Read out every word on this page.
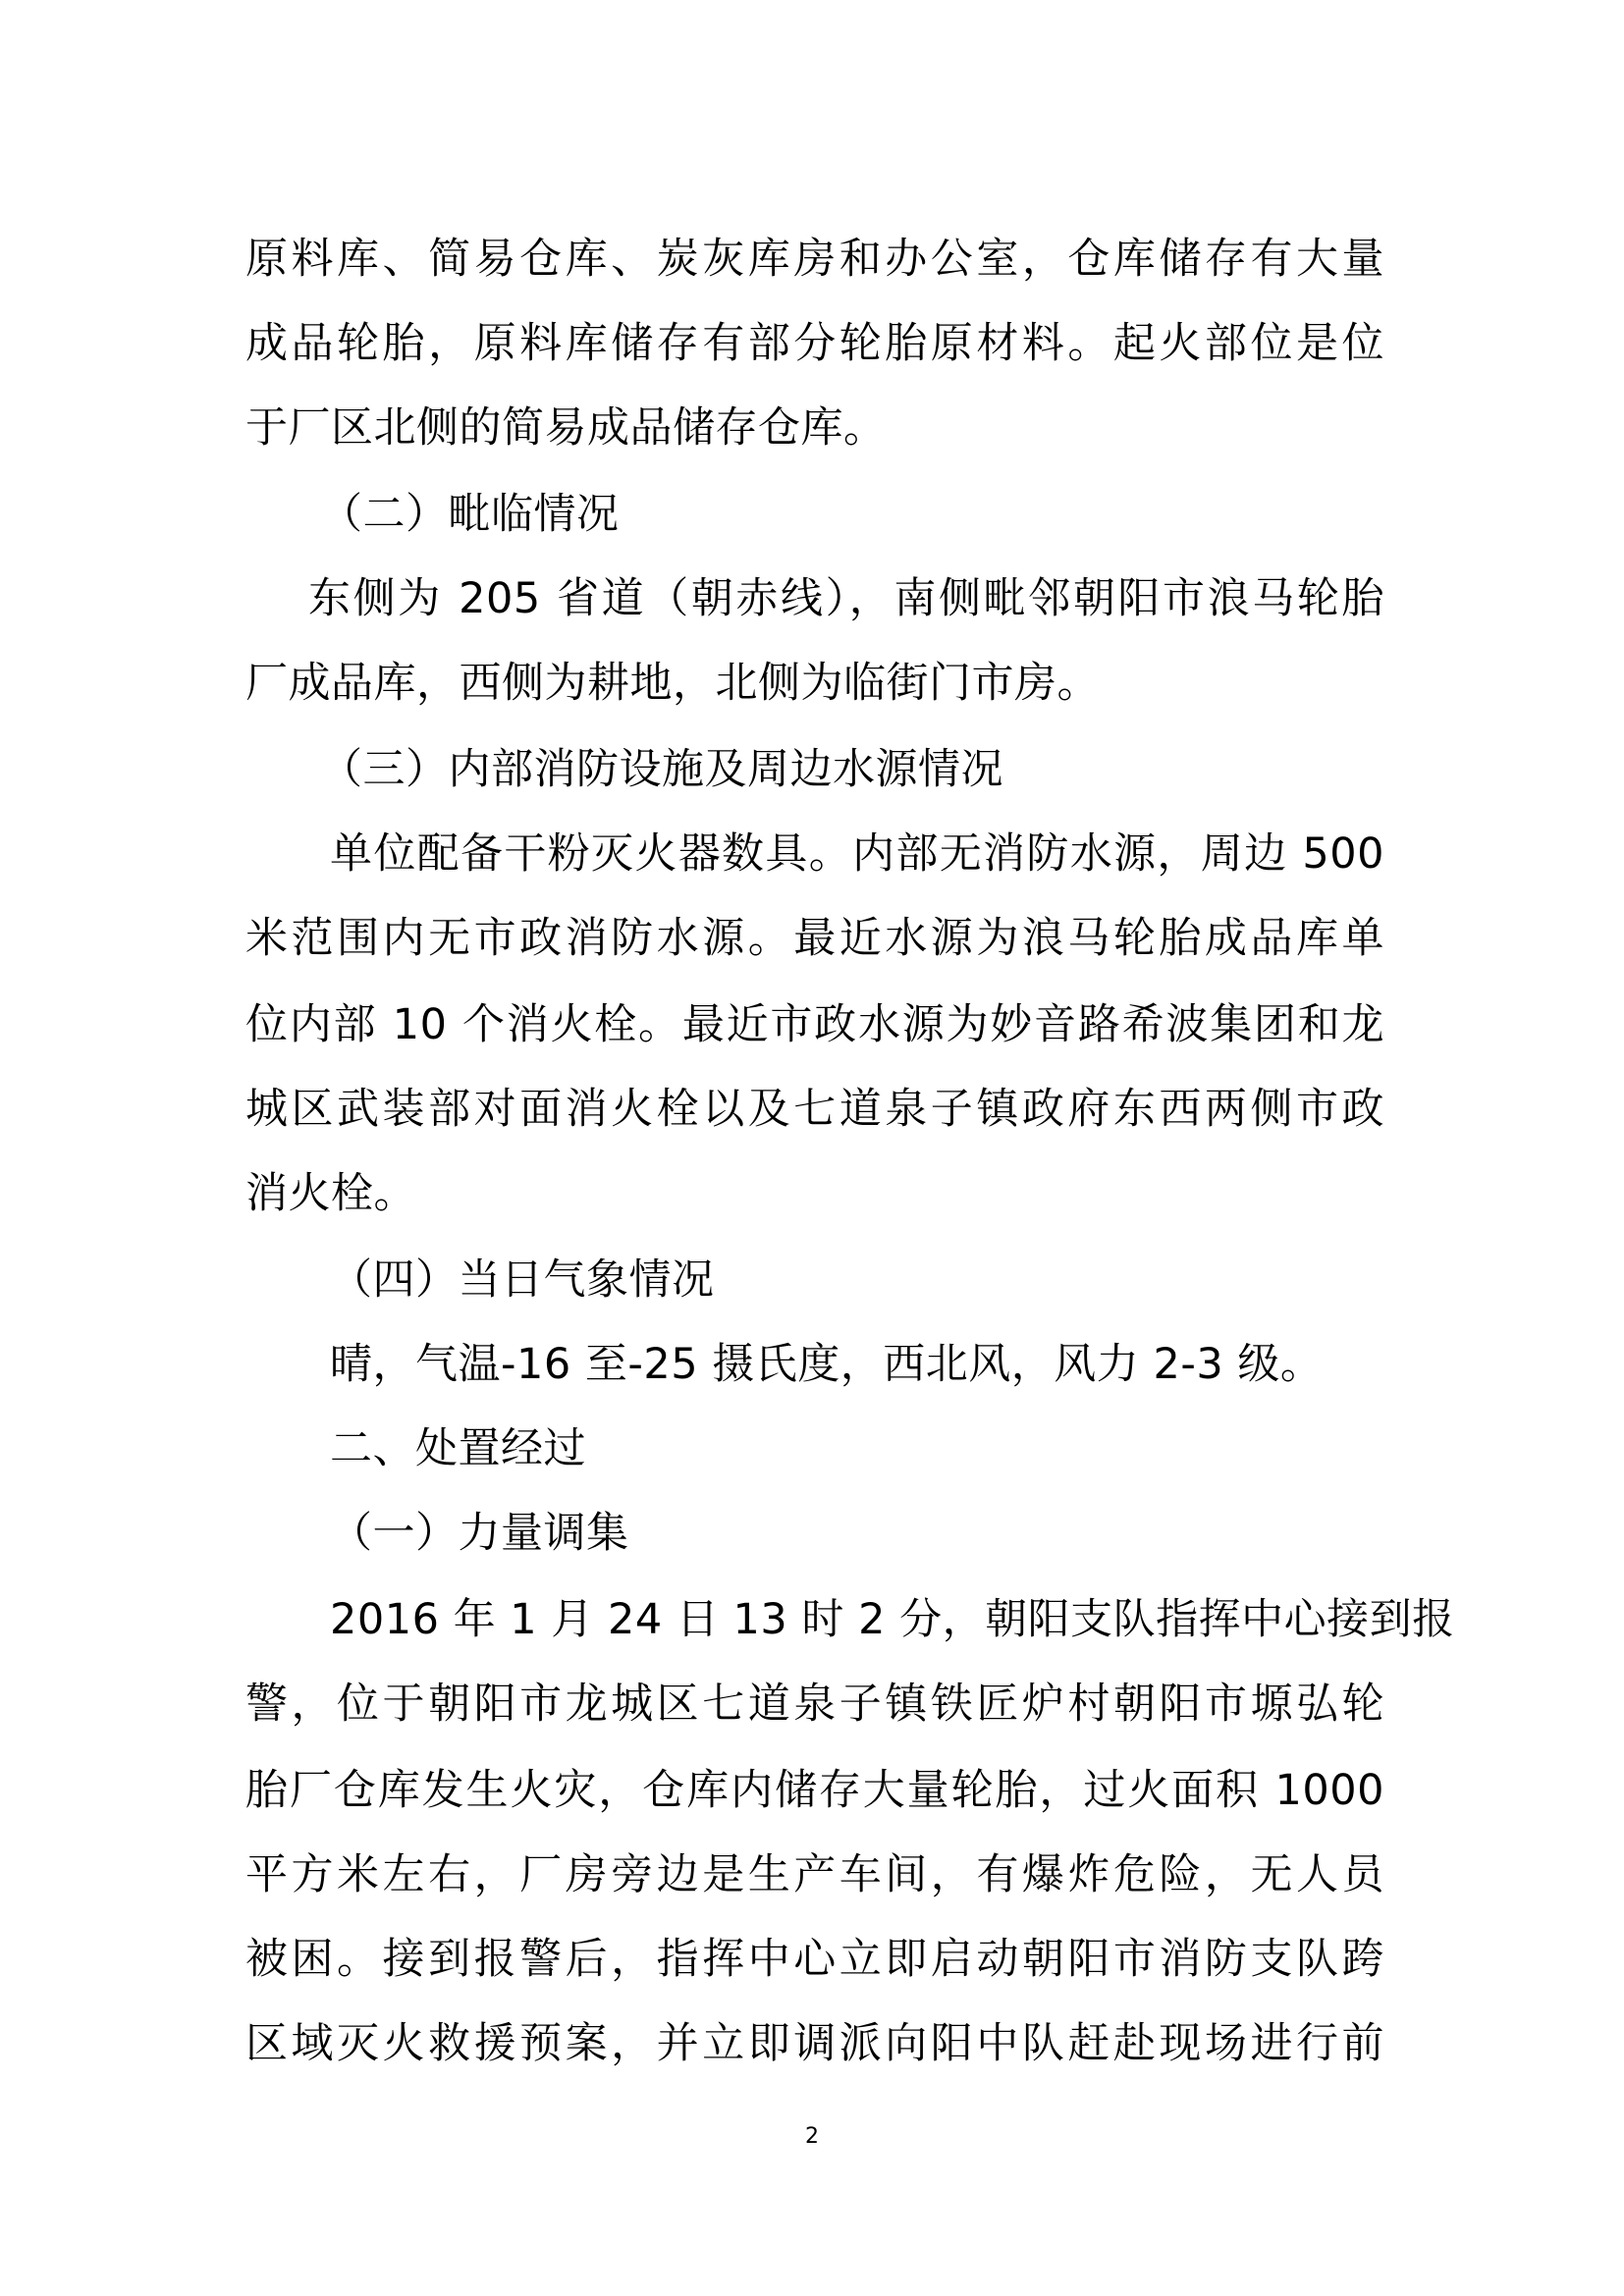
原料库、简易仓库、炭灰库房和办公室，仓库储存有大量
成品轮胎，原料库储存有部分轮胎原材料。起火部位是位
于厂区北侧的简易成品储存仓库。
（二）毗临情况
东侧为 205 省道（朝赤线），南侧毗邻朝阳市浪马轮胎
厂成品库，西侧为耕地，北侧为临街门市房。
（三）内部消防设施及周边水源情况
单位配备干粉灭火器数具。内部无消防水源，周边 500
米范围内无市政消防水源。最近水源为浪马轮胎成品库单
位内部 10 个消火栓。最近市政水源为妙音路希波集团和龙
城区武装部对面消火栓以及七道泉子镇政府东西两侧市政
消火栓。
（四）当日气象情况
晴，气温-16 至-25 摄氏度，西北风，风力 2-3 级。
二、处置经过
（一）力量调集
2016 年 1 月 24 日 13 时 2 分，朝阳支队指挥中心接到报
警，位于朝阳市龙城区七道泉子镇铁匠炉村朝阳市塬弘轮
胎厂仓库发生火灾，仓库内储存大量轮胎，过火面积 1000
平方米左右，厂房旁边是生产车间，有爆炸危险，无人员
被困。接到报警后，指挥中心立即启动朝阳市消防支队跨
区域灭火救援预案，并立即调派向阳中队赶赴现场进行前
2
